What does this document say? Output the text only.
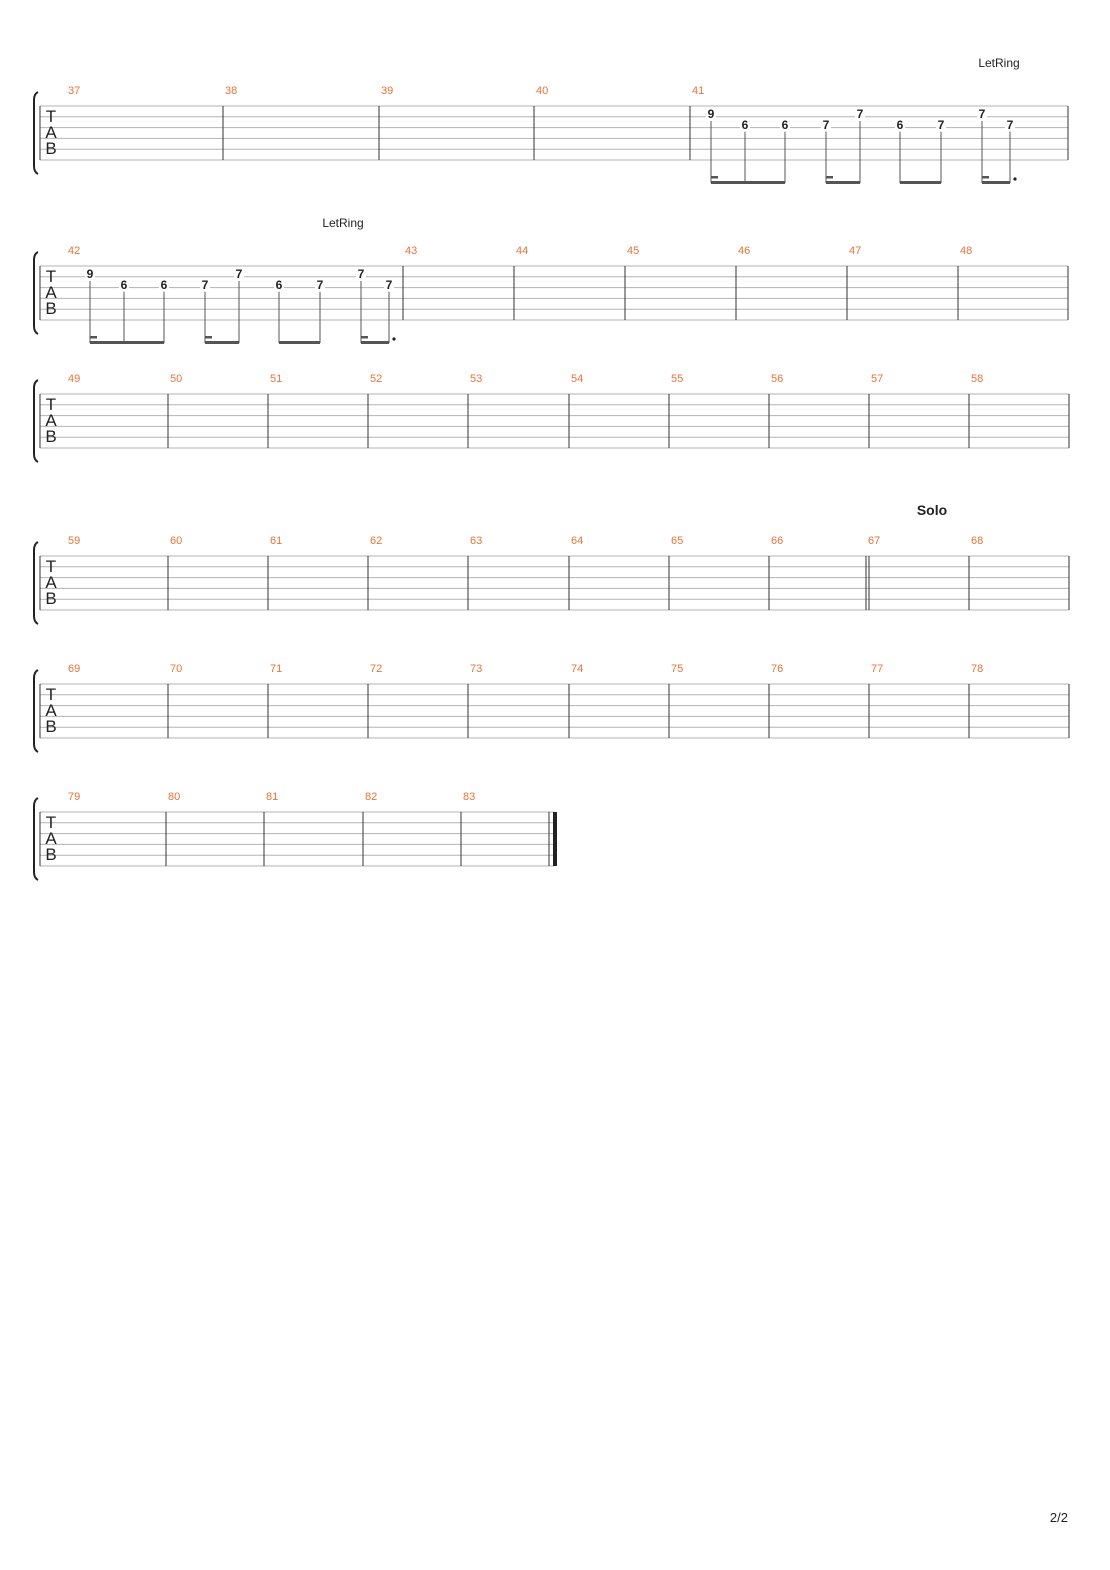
T
A
B
37	38	39	40	41
LetRing
9
6	6	7
7
6	7
7
7
T
A
B
42	43	44	45	46	47	48
LetRing
9
6	6	7
7
6	7
7
7
T
A
B
49	50	51	52	53	54	55	56	57	58
T
A
B
59	60	61	62	63	64	65	66	67	68
Solo
T
A
B
69	70	71	72	73	74	75	76	77	78
T
A
B
79	80	81	82	83
2/2
